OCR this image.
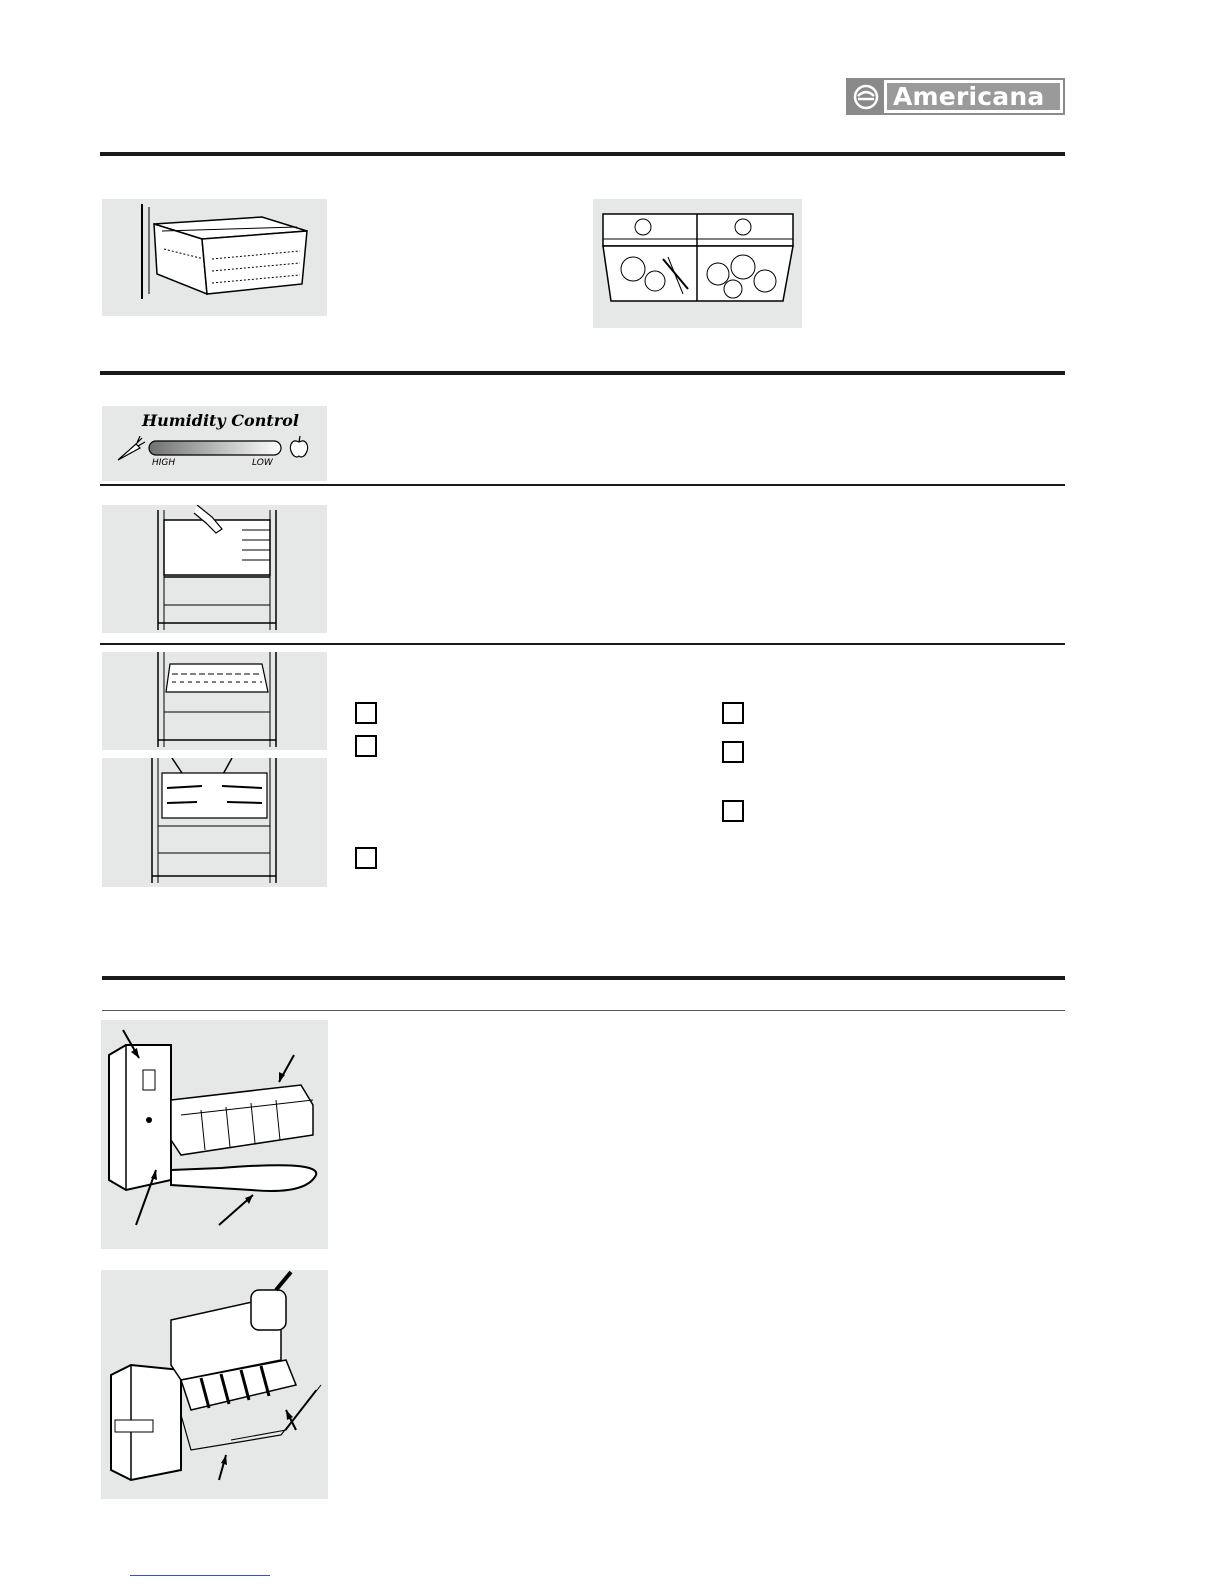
Americana
Humidity Control
HIGH	LOW
